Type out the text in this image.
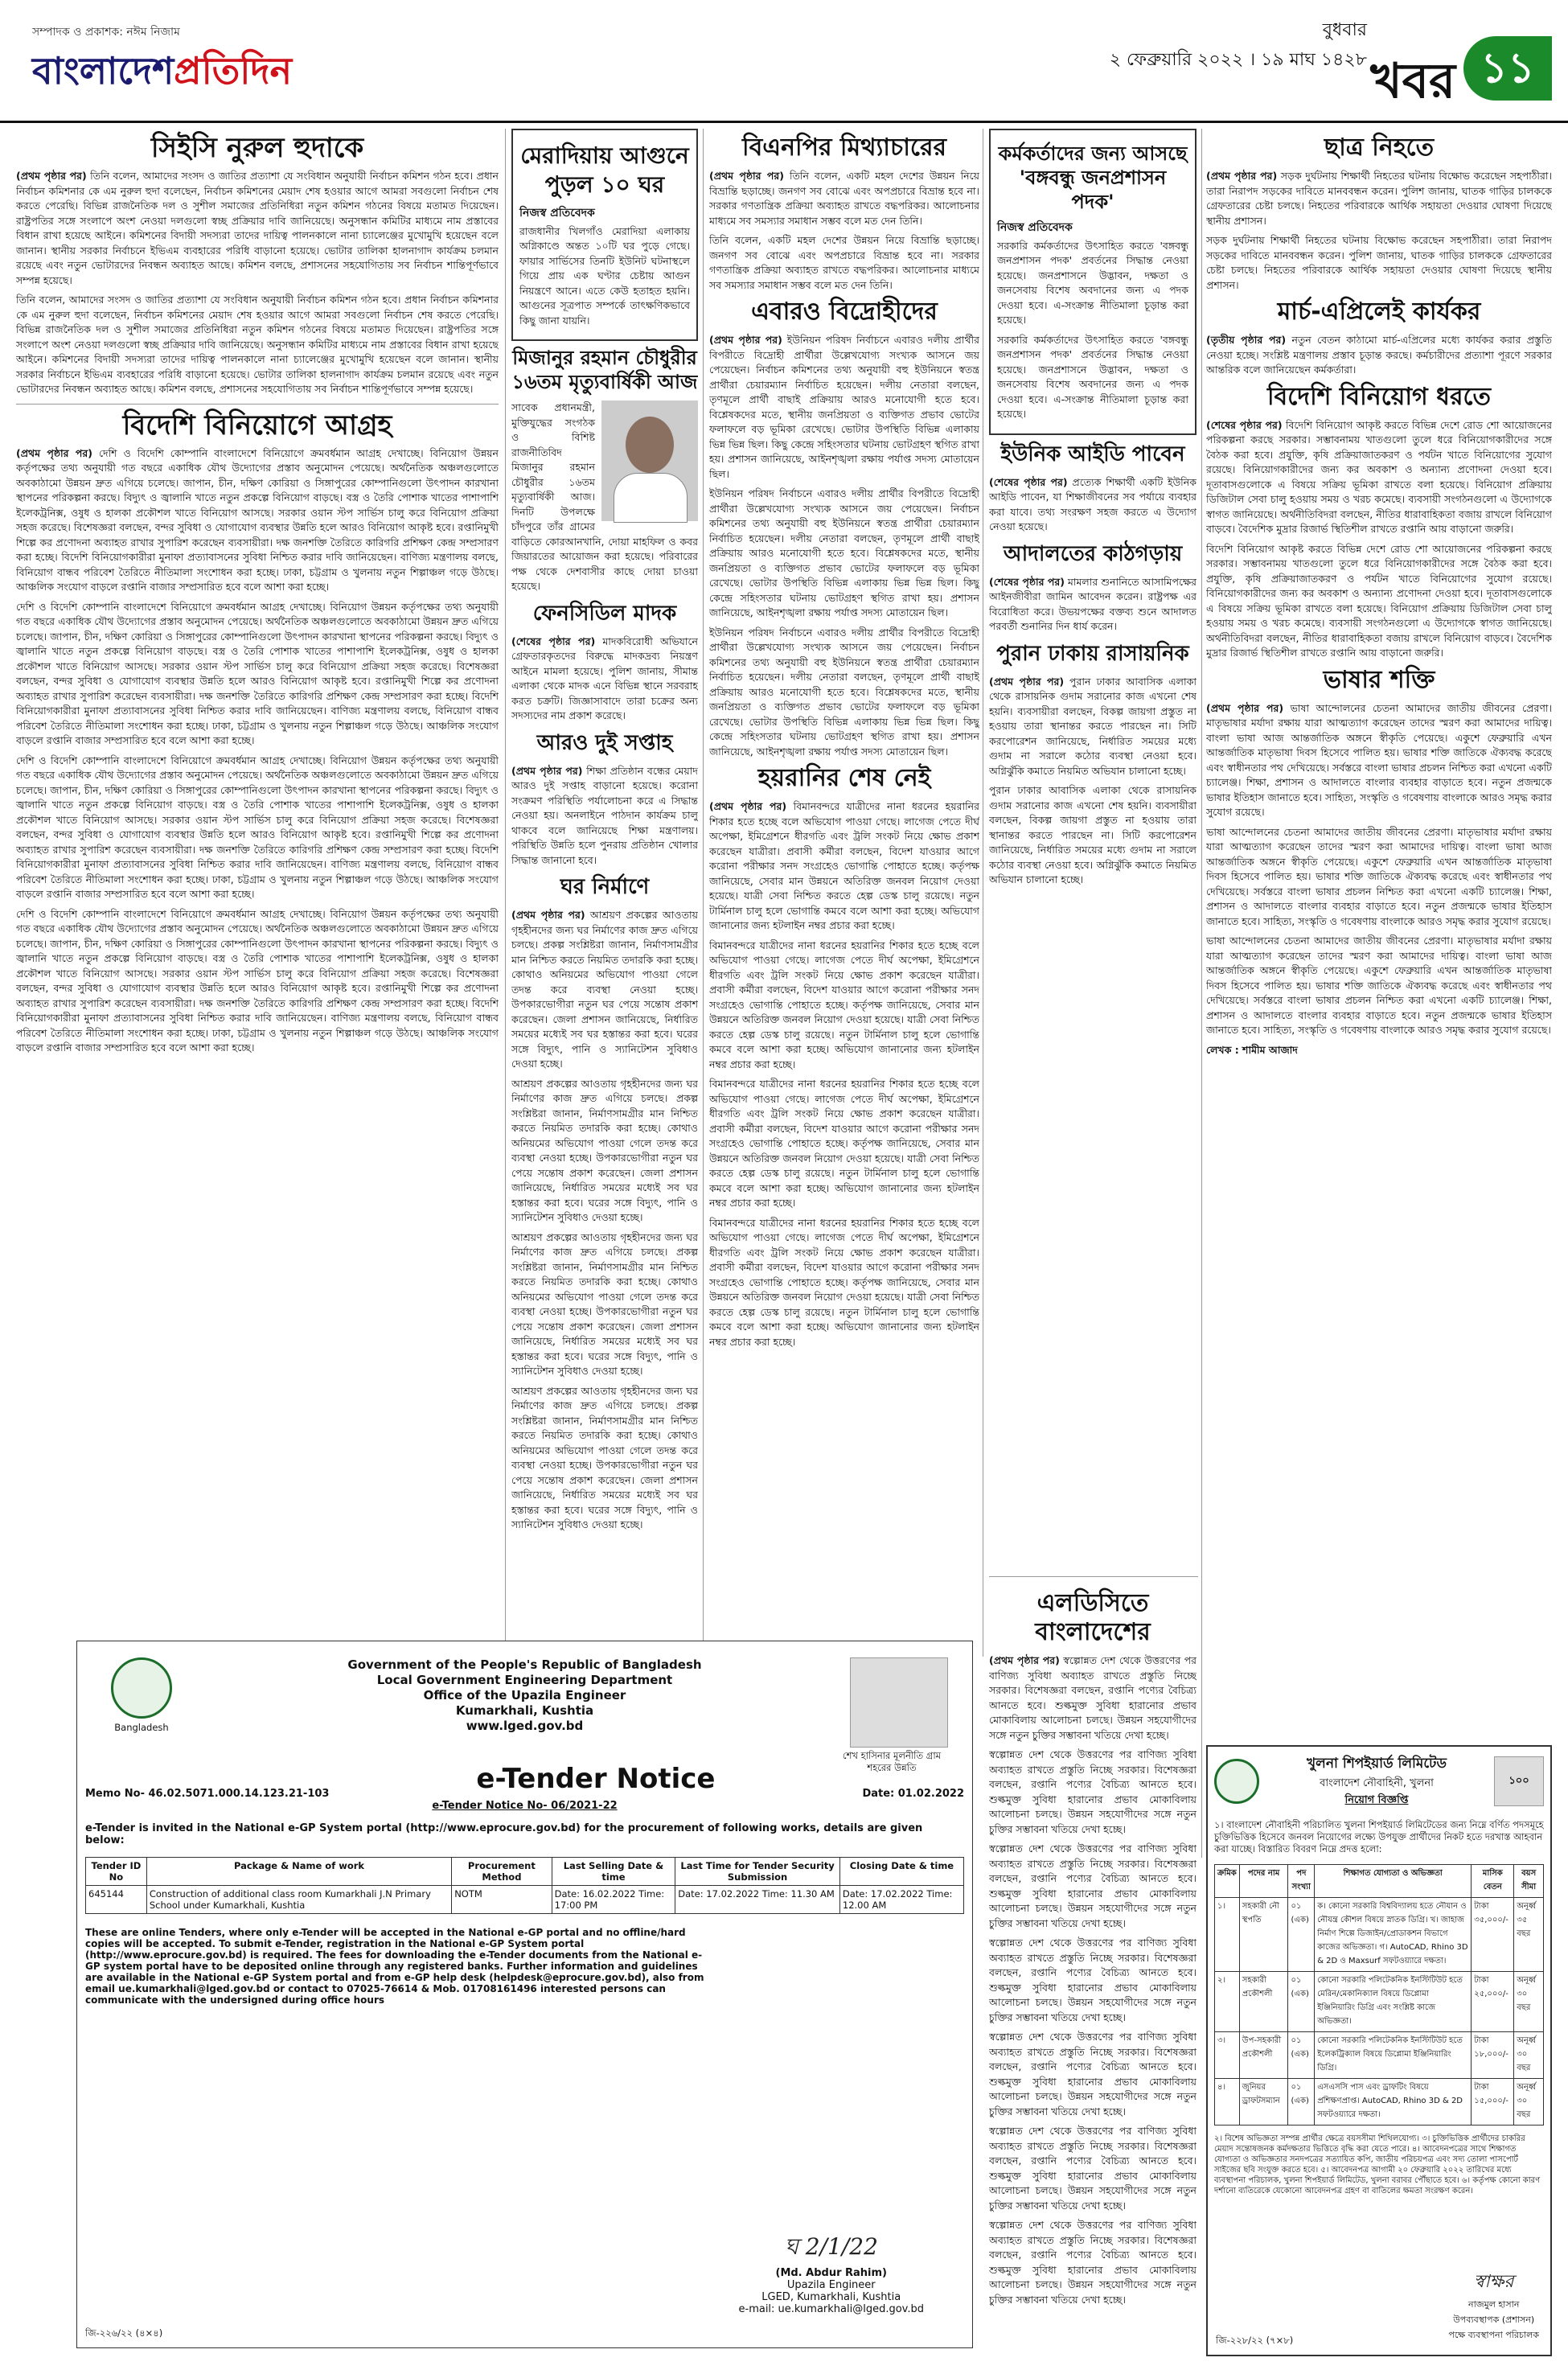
সম্পাদক ও প্রকাশক: নঈম নিজাম
বাংলাদেশপ্রতিদিন
বুধবার
২ ফেব্রুয়ারি ২০২২ । ১৯ মাঘ ১৪২৮ খবর ১১
সিইসি নুরুল হুদাকে

(প্রথম পৃষ্ঠার পর) তিনি বলেন, আমাদের সংসদ ও জাতির প্রত্যাশা যে সংবিধান অনুযায়ী নির্বাচন কমিশন গঠন হবে। প্রধান নির্বাচন কমিশনার কে এম নুরুল হুদা বলেছেন, নির্বাচন কমিশনের মেয়াদ শেষ হওয়ার আগে আমরা সবগুলো নির্বাচন শেষ করতে পেরেছি। বিভিন্ন রাজনৈতিক দল ও সুশীল সমাজের প্রতিনিধিরা নতুন কমিশন গঠনের বিষয়ে মতামত দিয়েছেন। রাষ্ট্রপতির সঙ্গে সংলাপে অংশ নেওয়া দলগুলো স্বচ্ছ প্রক্রিয়ার দাবি জানিয়েছে। অনুসন্ধান কমিটির মাধ্যমে নাম প্রস্তাবের বিধান রাখা হয়েছে আইনে। কমিশনের বিদায়ী সদস্যরা তাদের দায়িত্ব পালনকালে নানা চ্যালেঞ্জের মুখোমুখি হয়েছেন বলে জানান। স্থানীয় সরকার নির্বাচনে ইভিএম ব্যবহারের পরিধি বাড়ানো হয়েছে। ভোটার তালিকা হালনাগাদ কার্যক্রম চলমান রয়েছে এবং নতুন ভোটারদের নিবন্ধন অব্যাহত আছে। কমিশন বলছে, প্রশাসনের সহযোগিতায় সব নির্বাচন শান্তিপূর্ণভাবে সম্পন্ন হয়েছে।

তিনি বলেন, আমাদের সংসদ ও জাতির প্রত্যাশা যে সংবিধান অনুযায়ী নির্বাচন কমিশন গঠন হবে। প্রধান নির্বাচন কমিশনার কে এম নুরুল হুদা বলেছেন, নির্বাচন কমিশনের মেয়াদ শেষ হওয়ার আগে আমরা সবগুলো নির্বাচন শেষ করতে পেরেছি। বিভিন্ন রাজনৈতিক দল ও সুশীল সমাজের প্রতিনিধিরা নতুন কমিশন গঠনের বিষয়ে মতামত দিয়েছেন। রাষ্ট্রপতির সঙ্গে সংলাপে অংশ নেওয়া দলগুলো স্বচ্ছ প্রক্রিয়ার দাবি জানিয়েছে। অনুসন্ধান কমিটির মাধ্যমে নাম প্রস্তাবের বিধান রাখা হয়েছে আইনে। কমিশনের বিদায়ী সদস্যরা তাদের দায়িত্ব পালনকালে নানা চ্যালেঞ্জের মুখোমুখি হয়েছেন বলে জানান। স্থানীয় সরকার নির্বাচনে ইভিএম ব্যবহারের পরিধি বাড়ানো হয়েছে। ভোটার তালিকা হালনাগাদ কার্যক্রম চলমান রয়েছে এবং নতুন ভোটারদের নিবন্ধন অব্যাহত আছে। কমিশন বলছে, প্রশাসনের সহযোগিতায় সব নির্বাচন শান্তিপূর্ণভাবে সম্পন্ন হয়েছে।

বিদেশি বিনিয়োগে আগ্রহ

(প্রথম পৃষ্ঠার পর) দেশি ও বিদেশি কোম্পানি বাংলাদেশে বিনিয়োগে ক্রমবর্ধমান আগ্রহ দেখাচ্ছে। বিনিয়োগ উন্নয়ন কর্তৃপক্ষের তথ্য অনুযায়ী গত বছরে একাধিক যৌথ উদ্যোগের প্রস্তাব অনুমোদন পেয়েছে। অর্থনৈতিক অঞ্চলগুলোতে অবকাঠামো উন্নয়ন দ্রুত এগিয়ে চলেছে। জাপান, চীন, দক্ষিণ কোরিয়া ও সিঙ্গাপুরের কোম্পানিগুলো উৎপাদন কারখানা স্থাপনের পরিকল্পনা করছে। বিদ্যুৎ ও জ্বালানি খাতে নতুন প্রকল্পে বিনিয়োগ বাড়ছে। বস্ত্র ও তৈরি পোশাক খাতের পাশাপাশি ইলেকট্রনিক্স, ওষুধ ও হালকা প্রকৌশল খাতে বিনিয়োগ আসছে। সরকার ওয়ান স্টপ সার্ভিস চালু করে বিনিয়োগ প্রক্রিয়া সহজ করেছে। বিশেষজ্ঞরা বলছেন, বন্দর সুবিধা ও যোগাযোগ ব্যবস্থার উন্নতি হলে আরও বিনিয়োগ আকৃষ্ট হবে। রপ্তানিমুখী শিল্পে কর প্রণোদনা অব্যাহত রাখার সুপারিশ করেছেন ব্যবসায়ীরা। দক্ষ জনশক্তি তৈরিতে কারিগরি প্রশিক্ষণ কেন্দ্র সম্প্রসারণ করা হচ্ছে। বিদেশি বিনিয়োগকারীরা মুনাফা প্রত্যাবাসনের সুবিধা নিশ্চিত করার দাবি জানিয়েছেন। বাণিজ্য মন্ত্রণালয় বলছে, বিনিয়োগ বান্ধব পরিবেশ তৈরিতে নীতিমালা সংশোধন করা হচ্ছে। ঢাকা, চট্টগ্রাম ও খুলনায় নতুন শিল্পাঞ্চল গড়ে উঠছে। আঞ্চলিক সংযোগ বাড়লে রপ্তানি বাজার সম্প্রসারিত হবে বলে আশা করা হচ্ছে।

দেশি ও বিদেশি কোম্পানি বাংলাদেশে বিনিয়োগে ক্রমবর্ধমান আগ্রহ দেখাচ্ছে। বিনিয়োগ উন্নয়ন কর্তৃপক্ষের তথ্য অনুযায়ী গত বছরে একাধিক যৌথ উদ্যোগের প্রস্তাব অনুমোদন পেয়েছে। অর্থনৈতিক অঞ্চলগুলোতে অবকাঠামো উন্নয়ন দ্রুত এগিয়ে চলেছে। জাপান, চীন, দক্ষিণ কোরিয়া ও সিঙ্গাপুরের কোম্পানিগুলো উৎপাদন কারখানা স্থাপনের পরিকল্পনা করছে। বিদ্যুৎ ও জ্বালানি খাতে নতুন প্রকল্পে বিনিয়োগ বাড়ছে। বস্ত্র ও তৈরি পোশাক খাতের পাশাপাশি ইলেকট্রনিক্স, ওষুধ ও হালকা প্রকৌশল খাতে বিনিয়োগ আসছে। সরকার ওয়ান স্টপ সার্ভিস চালু করে বিনিয়োগ প্রক্রিয়া সহজ করেছে। বিশেষজ্ঞরা বলছেন, বন্দর সুবিধা ও যোগাযোগ ব্যবস্থার উন্নতি হলে আরও বিনিয়োগ আকৃষ্ট হবে। রপ্তানিমুখী শিল্পে কর প্রণোদনা অব্যাহত রাখার সুপারিশ করেছেন ব্যবসায়ীরা। দক্ষ জনশক্তি তৈরিতে কারিগরি প্রশিক্ষণ কেন্দ্র সম্প্রসারণ করা হচ্ছে। বিদেশি বিনিয়োগকারীরা মুনাফা প্রত্যাবাসনের সুবিধা নিশ্চিত করার দাবি জানিয়েছেন। বাণিজ্য মন্ত্রণালয় বলছে, বিনিয়োগ বান্ধব পরিবেশ তৈরিতে নীতিমালা সংশোধন করা হচ্ছে। ঢাকা, চট্টগ্রাম ও খুলনায় নতুন শিল্পাঞ্চল গড়ে উঠছে। আঞ্চলিক সংযোগ বাড়লে রপ্তানি বাজার সম্প্রসারিত হবে বলে আশা করা হচ্ছে।

দেশি ও বিদেশি কোম্পানি বাংলাদেশে বিনিয়োগে ক্রমবর্ধমান আগ্রহ দেখাচ্ছে। বিনিয়োগ উন্নয়ন কর্তৃপক্ষের তথ্য অনুযায়ী গত বছরে একাধিক যৌথ উদ্যোগের প্রস্তাব অনুমোদন পেয়েছে। অর্থনৈতিক অঞ্চলগুলোতে অবকাঠামো উন্নয়ন দ্রুত এগিয়ে চলেছে। জাপান, চীন, দক্ষিণ কোরিয়া ও সিঙ্গাপুরের কোম্পানিগুলো উৎপাদন কারখানা স্থাপনের পরিকল্পনা করছে। বিদ্যুৎ ও জ্বালানি খাতে নতুন প্রকল্পে বিনিয়োগ বাড়ছে। বস্ত্র ও তৈরি পোশাক খাতের পাশাপাশি ইলেকট্রনিক্স, ওষুধ ও হালকা প্রকৌশল খাতে বিনিয়োগ আসছে। সরকার ওয়ান স্টপ সার্ভিস চালু করে বিনিয়োগ প্রক্রিয়া সহজ করেছে। বিশেষজ্ঞরা বলছেন, বন্দর সুবিধা ও যোগাযোগ ব্যবস্থার উন্নতি হলে আরও বিনিয়োগ আকৃষ্ট হবে। রপ্তানিমুখী শিল্পে কর প্রণোদনা অব্যাহত রাখার সুপারিশ করেছেন ব্যবসায়ীরা। দক্ষ জনশক্তি তৈরিতে কারিগরি প্রশিক্ষণ কেন্দ্র সম্প্রসারণ করা হচ্ছে। বিদেশি বিনিয়োগকারীরা মুনাফা প্রত্যাবাসনের সুবিধা নিশ্চিত করার দাবি জানিয়েছেন। বাণিজ্য মন্ত্রণালয় বলছে, বিনিয়োগ বান্ধব পরিবেশ তৈরিতে নীতিমালা সংশোধন করা হচ্ছে। ঢাকা, চট্টগ্রাম ও খুলনায় নতুন শিল্পাঞ্চল গড়ে উঠছে। আঞ্চলিক সংযোগ বাড়লে রপ্তানি বাজার সম্প্রসারিত হবে বলে আশা করা হচ্ছে।

দেশি ও বিদেশি কোম্পানি বাংলাদেশে বিনিয়োগে ক্রমবর্ধমান আগ্রহ দেখাচ্ছে। বিনিয়োগ উন্নয়ন কর্তৃপক্ষের তথ্য অনুযায়ী গত বছরে একাধিক যৌথ উদ্যোগের প্রস্তাব অনুমোদন পেয়েছে। অর্থনৈতিক অঞ্চলগুলোতে অবকাঠামো উন্নয়ন দ্রুত এগিয়ে চলেছে। জাপান, চীন, দক্ষিণ কোরিয়া ও সিঙ্গাপুরের কোম্পানিগুলো উৎপাদন কারখানা স্থাপনের পরিকল্পনা করছে। বিদ্যুৎ ও জ্বালানি খাতে নতুন প্রকল্পে বিনিয়োগ বাড়ছে। বস্ত্র ও তৈরি পোশাক খাতের পাশাপাশি ইলেকট্রনিক্স, ওষুধ ও হালকা প্রকৌশল খাতে বিনিয়োগ আসছে। সরকার ওয়ান স্টপ সার্ভিস চালু করে বিনিয়োগ প্রক্রিয়া সহজ করেছে। বিশেষজ্ঞরা বলছেন, বন্দর সুবিধা ও যোগাযোগ ব্যবস্থার উন্নতি হলে আরও বিনিয়োগ আকৃষ্ট হবে। রপ্তানিমুখী শিল্পে কর প্রণোদনা অব্যাহত রাখার সুপারিশ করেছেন ব্যবসায়ীরা। দক্ষ জনশক্তি তৈরিতে কারিগরি প্রশিক্ষণ কেন্দ্র সম্প্রসারণ করা হচ্ছে। বিদেশি বিনিয়োগকারীরা মুনাফা প্রত্যাবাসনের সুবিধা নিশ্চিত করার দাবি জানিয়েছেন। বাণিজ্য মন্ত্রণালয় বলছে, বিনিয়োগ বান্ধব পরিবেশ তৈরিতে নীতিমালা সংশোধন করা হচ্ছে। ঢাকা, চট্টগ্রাম ও খুলনায় নতুন শিল্পাঞ্চল গড়ে উঠছে। আঞ্চলিক সংযোগ বাড়লে রপ্তানি বাজার সম্প্রসারিত হবে বলে আশা করা হচ্ছে।

মেরাদিয়ায় আগুনে পুড়ল ১০ ঘর
নিজস্ব প্রতিবেদক

রাজধানীর খিলগাঁও মেরাদিয়া এলাকায় অগ্নিকাণ্ডে অন্তত ১০টি ঘর পুড়ে গেছে। ফায়ার সার্ভিসের তিনটি ইউনিট ঘটনাস্থলে গিয়ে প্রায় এক ঘণ্টার চেষ্টায় আগুন নিয়ন্ত্রণে আনে। এতে কেউ হতাহত হয়নি। আগুনের সূত্রপাত সম্পর্কে তাৎক্ষণিকভাবে কিছু জানা যায়নি।

মিজানুর রহমান চৌধুরীর ১৬তম মৃত্যুবার্ষিকী আজ

সাবেক প্রধানমন্ত্রী, মুক্তিযুদ্ধের সংগঠক ও বিশিষ্ট রাজনীতিবিদ মিজানুর রহমান চৌধুরীর ১৬তম মৃত্যুবার্ষিকী আজ। দিনটি উপলক্ষে চাঁদপুরে তাঁর গ্রামের বাড়িতে কোরআনখানি, দোয়া মাহফিল ও কবর জিয়ারতের আয়োজন করা হয়েছে। পরিবারের পক্ষ থেকে দেশবাসীর কাছে দোয়া চাওয়া হয়েছে।

ফেনসিডিল মাদক

(শেষের পৃষ্ঠার পর) মাদকবিরোধী অভিযানে গ্রেফতারকৃতদের বিরুদ্ধে মাদকদ্রব্য নিয়ন্ত্রণ আইনে মামলা হয়েছে। পুলিশ জানায়, সীমান্ত এলাকা থেকে মাদক এনে বিভিন্ন স্থানে সরবরাহ করত চক্রটি। জিজ্ঞাসাবাদে তারা চক্রের অন্য সদস্যদের নাম প্রকাশ করেছে।

আরও দুই সপ্তাহ

(প্রথম পৃষ্ঠার পর) শিক্ষা প্রতিষ্ঠান বন্ধের মেয়াদ আরও দুই সপ্তাহ বাড়ানো হয়েছে। করোনা সংক্রমণ পরিস্থিতি পর্যালোচনা করে এ সিদ্ধান্ত নেওয়া হয়। অনলাইনে পাঠদান কার্যক্রম চালু থাকবে বলে জানিয়েছে শিক্ষা মন্ত্রণালয়। পরিস্থিতি উন্নতি হলে পুনরায় প্রতিষ্ঠান খোলার সিদ্ধান্ত জানানো হবে।

ঘর নির্মাণে

(প্রথম পৃষ্ঠার পর) আশ্রয়ণ প্রকল্পের আওতায় গৃহহীনদের জন্য ঘর নির্মাণের কাজ দ্রুত এগিয়ে চলছে। প্রকল্প সংশ্লিষ্টরা জানান, নির্মাণসামগ্রীর মান নিশ্চিত করতে নিয়মিত তদারকি করা হচ্ছে। কোথাও অনিয়মের অভিযোগ পাওয়া গেলে তদন্ত করে ব্যবস্থা নেওয়া হচ্ছে। উপকারভোগীরা নতুন ঘর পেয়ে সন্তোষ প্রকাশ করেছেন। জেলা প্রশাসন জানিয়েছে, নির্ধারিত সময়ের মধ্যেই সব ঘর হস্তান্তর করা হবে। ঘরের সঙ্গে বিদ্যুৎ, পানি ও স্যানিটেশন সুবিধাও দেওয়া হচ্ছে।

আশ্রয়ণ প্রকল্পের আওতায় গৃহহীনদের জন্য ঘর নির্মাণের কাজ দ্রুত এগিয়ে চলছে। প্রকল্প সংশ্লিষ্টরা জানান, নির্মাণসামগ্রীর মান নিশ্চিত করতে নিয়মিত তদারকি করা হচ্ছে। কোথাও অনিয়মের অভিযোগ পাওয়া গেলে তদন্ত করে ব্যবস্থা নেওয়া হচ্ছে। উপকারভোগীরা নতুন ঘর পেয়ে সন্তোষ প্রকাশ করেছেন। জেলা প্রশাসন জানিয়েছে, নির্ধারিত সময়ের মধ্যেই সব ঘর হস্তান্তর করা হবে। ঘরের সঙ্গে বিদ্যুৎ, পানি ও স্যানিটেশন সুবিধাও দেওয়া হচ্ছে।

আশ্রয়ণ প্রকল্পের আওতায় গৃহহীনদের জন্য ঘর নির্মাণের কাজ দ্রুত এগিয়ে চলছে। প্রকল্প সংশ্লিষ্টরা জানান, নির্মাণসামগ্রীর মান নিশ্চিত করতে নিয়মিত তদারকি করা হচ্ছে। কোথাও অনিয়মের অভিযোগ পাওয়া গেলে তদন্ত করে ব্যবস্থা নেওয়া হচ্ছে। উপকারভোগীরা নতুন ঘর পেয়ে সন্তোষ প্রকাশ করেছেন। জেলা প্রশাসন জানিয়েছে, নির্ধারিত সময়ের মধ্যেই সব ঘর হস্তান্তর করা হবে। ঘরের সঙ্গে বিদ্যুৎ, পানি ও স্যানিটেশন সুবিধাও দেওয়া হচ্ছে।

আশ্রয়ণ প্রকল্পের আওতায় গৃহহীনদের জন্য ঘর নির্মাণের কাজ দ্রুত এগিয়ে চলছে। প্রকল্প সংশ্লিষ্টরা জানান, নির্মাণসামগ্রীর মান নিশ্চিত করতে নিয়মিত তদারকি করা হচ্ছে। কোথাও অনিয়মের অভিযোগ পাওয়া গেলে তদন্ত করে ব্যবস্থা নেওয়া হচ্ছে। উপকারভোগীরা নতুন ঘর পেয়ে সন্তোষ প্রকাশ করেছেন। জেলা প্রশাসন জানিয়েছে, নির্ধারিত সময়ের মধ্যেই সব ঘর হস্তান্তর করা হবে। ঘরের সঙ্গে বিদ্যুৎ, পানি ও স্যানিটেশন সুবিধাও দেওয়া হচ্ছে।

বিএনপির মিথ্যাচারের

(প্রথম পৃষ্ঠার পর) তিনি বলেন, একটি মহল দেশের উন্নয়ন নিয়ে বিভ্রান্তি ছড়াচ্ছে। জনগণ সব বোঝে এবং অপপ্রচারে বিভ্রান্ত হবে না। সরকার গণতান্ত্রিক প্রক্রিয়া অব্যাহত রাখতে বদ্ধপরিকর। আলোচনার মাধ্যমে সব সমস্যার সমাধান সম্ভব বলে মত দেন তিনি।

তিনি বলেন, একটি মহল দেশের উন্নয়ন নিয়ে বিভ্রান্তি ছড়াচ্ছে। জনগণ সব বোঝে এবং অপপ্রচারে বিভ্রান্ত হবে না। সরকার গণতান্ত্রিক প্রক্রিয়া অব্যাহত রাখতে বদ্ধপরিকর। আলোচনার মাধ্যমে সব সমস্যার সমাধান সম্ভব বলে মত দেন তিনি।

এবারও বিদ্রোহীদের

(প্রথম পৃষ্ঠার পর) ইউনিয়ন পরিষদ নির্বাচনে এবারও দলীয় প্রার্থীর বিপরীতে বিদ্রোহী প্রার্থীরা উল্লেখযোগ্য সংখ্যক আসনে জয় পেয়েছেন। নির্বাচন কমিশনের তথ্য অনুযায়ী বহু ইউনিয়নে স্বতন্ত্র প্রার্থীরা চেয়ারম্যান নির্বাচিত হয়েছেন। দলীয় নেতারা বলছেন, তৃণমূলে প্রার্থী বাছাই প্রক্রিয়ায় আরও মনোযোগী হতে হবে। বিশ্লেষকদের মতে, স্থানীয় জনপ্রিয়তা ও ব্যক্তিগত প্রভাব ভোটের ফলাফলে বড় ভূমিকা রেখেছে। ভোটার উপস্থিতি বিভিন্ন এলাকায় ভিন্ন ভিন্ন ছিল। কিছু কেন্দ্রে সহিংসতার ঘটনায় ভোটগ্রহণ স্থগিত রাখা হয়। প্রশাসন জানিয়েছে, আইনশৃঙ্খলা রক্ষায় পর্যাপ্ত সদস্য মোতায়েন ছিল।

ইউনিয়ন পরিষদ নির্বাচনে এবারও দলীয় প্রার্থীর বিপরীতে বিদ্রোহী প্রার্থীরা উল্লেখযোগ্য সংখ্যক আসনে জয় পেয়েছেন। নির্বাচন কমিশনের তথ্য অনুযায়ী বহু ইউনিয়নে স্বতন্ত্র প্রার্থীরা চেয়ারম্যান নির্বাচিত হয়েছেন। দলীয় নেতারা বলছেন, তৃণমূলে প্রার্থী বাছাই প্রক্রিয়ায় আরও মনোযোগী হতে হবে। বিশ্লেষকদের মতে, স্থানীয় জনপ্রিয়তা ও ব্যক্তিগত প্রভাব ভোটের ফলাফলে বড় ভূমিকা রেখেছে। ভোটার উপস্থিতি বিভিন্ন এলাকায় ভিন্ন ভিন্ন ছিল। কিছু কেন্দ্রে সহিংসতার ঘটনায় ভোটগ্রহণ স্থগিত রাখা হয়। প্রশাসন জানিয়েছে, আইনশৃঙ্খলা রক্ষায় পর্যাপ্ত সদস্য মোতায়েন ছিল।

ইউনিয়ন পরিষদ নির্বাচনে এবারও দলীয় প্রার্থীর বিপরীতে বিদ্রোহী প্রার্থীরা উল্লেখযোগ্য সংখ্যক আসনে জয় পেয়েছেন। নির্বাচন কমিশনের তথ্য অনুযায়ী বহু ইউনিয়নে স্বতন্ত্র প্রার্থীরা চেয়ারম্যান নির্বাচিত হয়েছেন। দলীয় নেতারা বলছেন, তৃণমূলে প্রার্থী বাছাই প্রক্রিয়ায় আরও মনোযোগী হতে হবে। বিশ্লেষকদের মতে, স্থানীয় জনপ্রিয়তা ও ব্যক্তিগত প্রভাব ভোটের ফলাফলে বড় ভূমিকা রেখেছে। ভোটার উপস্থিতি বিভিন্ন এলাকায় ভিন্ন ভিন্ন ছিল। কিছু কেন্দ্রে সহিংসতার ঘটনায় ভোটগ্রহণ স্থগিত রাখা হয়। প্রশাসন জানিয়েছে, আইনশৃঙ্খলা রক্ষায় পর্যাপ্ত সদস্য মোতায়েন ছিল।

হয়রানির শেষ নেই

(প্রথম পৃষ্ঠার পর) বিমানবন্দরে যাত্রীদের নানা ধরনের হয়রানির শিকার হতে হচ্ছে বলে অভিযোগ পাওয়া গেছে। লাগেজ পেতে দীর্ঘ অপেক্ষা, ইমিগ্রেশনে ধীরগতি এবং ট্রলি সংকট নিয়ে ক্ষোভ প্রকাশ করেছেন যাত্রীরা। প্রবাসী কর্মীরা বলছেন, বিদেশ যাওয়ার আগে করোনা পরীক্ষার সনদ সংগ্রহেও ভোগান্তি পোহাতে হচ্ছে। কর্তৃপক্ষ জানিয়েছে, সেবার মান উন্নয়নে অতিরিক্ত জনবল নিয়োগ দেওয়া হয়েছে। যাত্রী সেবা নিশ্চিত করতে হেল্প ডেস্ক চালু রয়েছে। নতুন টার্মিনাল চালু হলে ভোগান্তি কমবে বলে আশা করা হচ্ছে। অভিযোগ জানানোর জন্য হটলাইন নম্বর প্রচার করা হচ্ছে।

বিমানবন্দরে যাত্রীদের নানা ধরনের হয়রানির শিকার হতে হচ্ছে বলে অভিযোগ পাওয়া গেছে। লাগেজ পেতে দীর্ঘ অপেক্ষা, ইমিগ্রেশনে ধীরগতি এবং ট্রলি সংকট নিয়ে ক্ষোভ প্রকাশ করেছেন যাত্রীরা। প্রবাসী কর্মীরা বলছেন, বিদেশ যাওয়ার আগে করোনা পরীক্ষার সনদ সংগ্রহেও ভোগান্তি পোহাতে হচ্ছে। কর্তৃপক্ষ জানিয়েছে, সেবার মান উন্নয়নে অতিরিক্ত জনবল নিয়োগ দেওয়া হয়েছে। যাত্রী সেবা নিশ্চিত করতে হেল্প ডেস্ক চালু রয়েছে। নতুন টার্মিনাল চালু হলে ভোগান্তি কমবে বলে আশা করা হচ্ছে। অভিযোগ জানানোর জন্য হটলাইন নম্বর প্রচার করা হচ্ছে।

বিমানবন্দরে যাত্রীদের নানা ধরনের হয়রানির শিকার হতে হচ্ছে বলে অভিযোগ পাওয়া গেছে। লাগেজ পেতে দীর্ঘ অপেক্ষা, ইমিগ্রেশনে ধীরগতি এবং ট্রলি সংকট নিয়ে ক্ষোভ প্রকাশ করেছেন যাত্রীরা। প্রবাসী কর্মীরা বলছেন, বিদেশ যাওয়ার আগে করোনা পরীক্ষার সনদ সংগ্রহেও ভোগান্তি পোহাতে হচ্ছে। কর্তৃপক্ষ জানিয়েছে, সেবার মান উন্নয়নে অতিরিক্ত জনবল নিয়োগ দেওয়া হয়েছে। যাত্রী সেবা নিশ্চিত করতে হেল্প ডেস্ক চালু রয়েছে। নতুন টার্মিনাল চালু হলে ভোগান্তি কমবে বলে আশা করা হচ্ছে। অভিযোগ জানানোর জন্য হটলাইন নম্বর প্রচার করা হচ্ছে।

বিমানবন্দরে যাত্রীদের নানা ধরনের হয়রানির শিকার হতে হচ্ছে বলে অভিযোগ পাওয়া গেছে। লাগেজ পেতে দীর্ঘ অপেক্ষা, ইমিগ্রেশনে ধীরগতি এবং ট্রলি সংকট নিয়ে ক্ষোভ প্রকাশ করেছেন যাত্রীরা। প্রবাসী কর্মীরা বলছেন, বিদেশ যাওয়ার আগে করোনা পরীক্ষার সনদ সংগ্রহেও ভোগান্তি পোহাতে হচ্ছে। কর্তৃপক্ষ জানিয়েছে, সেবার মান উন্নয়নে অতিরিক্ত জনবল নিয়োগ দেওয়া হয়েছে। যাত্রী সেবা নিশ্চিত করতে হেল্প ডেস্ক চালু রয়েছে। নতুন টার্মিনাল চালু হলে ভোগান্তি কমবে বলে আশা করা হচ্ছে। অভিযোগ জানানোর জন্য হটলাইন নম্বর প্রচার করা হচ্ছে।

কর্মকর্তাদের জন্য আসছে 'বঙ্গবন্ধু জনপ্রশাসন পদক'
নিজস্ব প্রতিবেদক

সরকারি কর্মকর্তাদের উৎসাহিত করতে 'বঙ্গবন্ধু জনপ্রশাসন পদক' প্রবর্তনের সিদ্ধান্ত নেওয়া হয়েছে। জনপ্রশাসনে উদ্ভাবন, দক্ষতা ও জনসেবায় বিশেষ অবদানের জন্য এ পদক দেওয়া হবে। এ-সংক্রান্ত নীতিমালা চূড়ান্ত করা হয়েছে।

সরকারি কর্মকর্তাদের উৎসাহিত করতে 'বঙ্গবন্ধু জনপ্রশাসন পদক' প্রবর্তনের সিদ্ধান্ত নেওয়া হয়েছে। জনপ্রশাসনে উদ্ভাবন, দক্ষতা ও জনসেবায় বিশেষ অবদানের জন্য এ পদক দেওয়া হবে। এ-সংক্রান্ত নীতিমালা চূড়ান্ত করা হয়েছে।

ইউনিক আইডি পাবেন

(শেষের পৃষ্ঠার পর) প্রত্যেক শিক্ষার্থী একটি ইউনিক আইডি পাবেন, যা শিক্ষাজীবনের সব পর্যায়ে ব্যবহার করা যাবে। তথ্য সংরক্ষণ সহজ করতে এ উদ্যোগ নেওয়া হয়েছে।

আদালতের কাঠগড়ায়

(শেষের পৃষ্ঠার পর) মামলার শুনানিতে আসামিপক্ষের আইনজীবীরা জামিন আবেদন করেন। রাষ্ট্রপক্ষ এর বিরোধিতা করে। উভয়পক্ষের বক্তব্য শুনে আদালত পরবর্তী শুনানির দিন ধার্য করেন।

পুরান ঢাকায় রাসায়নিক

(প্রথম পৃষ্ঠার পর) পুরান ঢাকার আবাসিক এলাকা থেকে রাসায়নিক গুদাম সরানোর কাজ এখনো শেষ হয়নি। ব্যবসায়ীরা বলছেন, বিকল্প জায়গা প্রস্তুত না হওয়ায় তারা স্থানান্তর করতে পারছেন না। সিটি করপোরেশন জানিয়েছে, নির্ধারিত সময়ের মধ্যে গুদাম না সরালে কঠোর ব্যবস্থা নেওয়া হবে। অগ্নিঝুঁকি কমাতে নিয়মিত অভিযান চালানো হচ্ছে।

পুরান ঢাকার আবাসিক এলাকা থেকে রাসায়নিক গুদাম সরানোর কাজ এখনো শেষ হয়নি। ব্যবসায়ীরা বলছেন, বিকল্প জায়গা প্রস্তুত না হওয়ায় তারা স্থানান্তর করতে পারছেন না। সিটি করপোরেশন জানিয়েছে, নির্ধারিত সময়ের মধ্যে গুদাম না সরালে কঠোর ব্যবস্থা নেওয়া হবে। অগ্নিঝুঁকি কমাতে নিয়মিত অভিযান চালানো হচ্ছে।

ছাত্র নিহতে

(প্রথম পৃষ্ঠার পর) সড়ক দুর্ঘটনায় শিক্ষার্থী নিহতের ঘটনায় বিক্ষোভ করেছেন সহপাঠীরা। তারা নিরাপদ সড়কের দাবিতে মানববন্ধন করেন। পুলিশ জানায়, ঘাতক গাড়ির চালককে গ্রেফতারের চেষ্টা চলছে। নিহতের পরিবারকে আর্থিক সহায়তা দেওয়ার ঘোষণা দিয়েছে স্থানীয় প্রশাসন।

সড়ক দুর্ঘটনায় শিক্ষার্থী নিহতের ঘটনায় বিক্ষোভ করেছেন সহপাঠীরা। তারা নিরাপদ সড়কের দাবিতে মানববন্ধন করেন। পুলিশ জানায়, ঘাতক গাড়ির চালককে গ্রেফতারের চেষ্টা চলছে। নিহতের পরিবারকে আর্থিক সহায়তা দেওয়ার ঘোষণা দিয়েছে স্থানীয় প্রশাসন।

মার্চ-এপ্রিলেই কার্যকর

(তৃতীয় পৃষ্ঠার পর) নতুন বেতন কাঠামো মার্চ-এপ্রিলের মধ্যে কার্যকর করার প্রস্তুতি নেওয়া হচ্ছে। সংশ্লিষ্ট মন্ত্রণালয় প্রস্তাব চূড়ান্ত করছে। কর্মচারীদের প্রত্যাশা পূরণে সরকার আন্তরিক বলে জানিয়েছেন কর্মকর্তারা।

বিদেশি বিনিয়োগ ধরতে

(শেষের পৃষ্ঠার পর) বিদেশি বিনিয়োগ আকৃষ্ট করতে বিভিন্ন দেশে রোড শো আয়োজনের পরিকল্পনা করছে সরকার। সম্ভাবনাময় খাতগুলো তুলে ধরে বিনিয়োগকারীদের সঙ্গে বৈঠক করা হবে। প্রযুক্তি, কৃষি প্রক্রিয়াজাতকরণ ও পর্যটন খাতে বিনিয়োগের সুযোগ রয়েছে। বিনিয়োগকারীদের জন্য কর অবকাশ ও অন্যান্য প্রণোদনা দেওয়া হবে। দূতাবাসগুলোকে এ বিষয়ে সক্রিয় ভূমিকা রাখতে বলা হয়েছে। বিনিয়োগ প্রক্রিয়ায় ডিজিটাল সেবা চালু হওয়ায় সময় ও খরচ কমেছে। ব্যবসায়ী সংগঠনগুলো এ উদ্যোগকে স্বাগত জানিয়েছে। অর্থনীতিবিদরা বলছেন, নীতির ধারাবাহিকতা বজায় রাখলে বিনিয়োগ বাড়বে। বৈদেশিক মুদ্রার রিজার্ভ স্থিতিশীল রাখতে রপ্তানি আয় বাড়ানো জরুরি।

বিদেশি বিনিয়োগ আকৃষ্ট করতে বিভিন্ন দেশে রোড শো আয়োজনের পরিকল্পনা করছে সরকার। সম্ভাবনাময় খাতগুলো তুলে ধরে বিনিয়োগকারীদের সঙ্গে বৈঠক করা হবে। প্রযুক্তি, কৃষি প্রক্রিয়াজাতকরণ ও পর্যটন খাতে বিনিয়োগের সুযোগ রয়েছে। বিনিয়োগকারীদের জন্য কর অবকাশ ও অন্যান্য প্রণোদনা দেওয়া হবে। দূতাবাসগুলোকে এ বিষয়ে সক্রিয় ভূমিকা রাখতে বলা হয়েছে। বিনিয়োগ প্রক্রিয়ায় ডিজিটাল সেবা চালু হওয়ায় সময় ও খরচ কমেছে। ব্যবসায়ী সংগঠনগুলো এ উদ্যোগকে স্বাগত জানিয়েছে। অর্থনীতিবিদরা বলছেন, নীতির ধারাবাহিকতা বজায় রাখলে বিনিয়োগ বাড়বে। বৈদেশিক মুদ্রার রিজার্ভ স্থিতিশীল রাখতে রপ্তানি আয় বাড়ানো জরুরি।

ভাষার শক্তি

(প্রথম পৃষ্ঠার পর) ভাষা আন্দোলনের চেতনা আমাদের জাতীয় জীবনের প্রেরণা। মাতৃভাষার মর্যাদা রক্ষায় যারা আত্মত্যাগ করেছেন তাদের স্মরণ করা আমাদের দায়িত্ব। বাংলা ভাষা আজ আন্তর্জাতিক অঙ্গনে স্বীকৃতি পেয়েছে। একুশে ফেব্রুয়ারি এখন আন্তর্জাতিক মাতৃভাষা দিবস হিসেবে পালিত হয়। ভাষার শক্তি জাতিকে ঐক্যবদ্ধ করেছে এবং স্বাধীনতার পথ দেখিয়েছে। সর্বস্তরে বাংলা ভাষার প্রচলন নিশ্চিত করা এখনো একটি চ্যালেঞ্জ। শিক্ষা, প্রশাসন ও আদালতে বাংলার ব্যবহার বাড়াতে হবে। নতুন প্রজন্মকে ভাষার ইতিহাস জানাতে হবে। সাহিত্য, সংস্কৃতি ও গবেষণায় বাংলাকে আরও সমৃদ্ধ করার সুযোগ রয়েছে।

ভাষা আন্দোলনের চেতনা আমাদের জাতীয় জীবনের প্রেরণা। মাতৃভাষার মর্যাদা রক্ষায় যারা আত্মত্যাগ করেছেন তাদের স্মরণ করা আমাদের দায়িত্ব। বাংলা ভাষা আজ আন্তর্জাতিক অঙ্গনে স্বীকৃতি পেয়েছে। একুশে ফেব্রুয়ারি এখন আন্তর্জাতিক মাতৃভাষা দিবস হিসেবে পালিত হয়। ভাষার শক্তি জাতিকে ঐক্যবদ্ধ করেছে এবং স্বাধীনতার পথ দেখিয়েছে। সর্বস্তরে বাংলা ভাষার প্রচলন নিশ্চিত করা এখনো একটি চ্যালেঞ্জ। শিক্ষা, প্রশাসন ও আদালতে বাংলার ব্যবহার বাড়াতে হবে। নতুন প্রজন্মকে ভাষার ইতিহাস জানাতে হবে। সাহিত্য, সংস্কৃতি ও গবেষণায় বাংলাকে আরও সমৃদ্ধ করার সুযোগ রয়েছে।

ভাষা আন্দোলনের চেতনা আমাদের জাতীয় জীবনের প্রেরণা। মাতৃভাষার মর্যাদা রক্ষায় যারা আত্মত্যাগ করেছেন তাদের স্মরণ করা আমাদের দায়িত্ব। বাংলা ভাষা আজ আন্তর্জাতিক অঙ্গনে স্বীকৃতি পেয়েছে। একুশে ফেব্রুয়ারি এখন আন্তর্জাতিক মাতৃভাষা দিবস হিসেবে পালিত হয়। ভাষার শক্তি জাতিকে ঐক্যবদ্ধ করেছে এবং স্বাধীনতার পথ দেখিয়েছে। সর্বস্তরে বাংলা ভাষার প্রচলন নিশ্চিত করা এখনো একটি চ্যালেঞ্জ। শিক্ষা, প্রশাসন ও আদালতে বাংলার ব্যবহার বাড়াতে হবে। নতুন প্রজন্মকে ভাষার ইতিহাস জানাতে হবে। সাহিত্য, সংস্কৃতি ও গবেষণায় বাংলাকে আরও সমৃদ্ধ করার সুযোগ রয়েছে।

লেখক : শামীম আজাদ

এলডিসিতে বাংলাদেশের

(প্রথম পৃষ্ঠার পর) স্বল্পোন্নত দেশ থেকে উত্তরণের পর বাণিজ্য সুবিধা অব্যাহত রাখতে প্রস্তুতি নিচ্ছে সরকার। বিশেষজ্ঞরা বলছেন, রপ্তানি পণ্যের বৈচিত্র্য আনতে হবে। শুল্কমুক্ত সুবিধা হারানোর প্রভাব মোকাবিলায় আলোচনা চলছে। উন্নয়ন সহযোগীদের সঙ্গে নতুন চুক্তির সম্ভাবনা খতিয়ে দেখা হচ্ছে।

স্বল্পোন্নত দেশ থেকে উত্তরণের পর বাণিজ্য সুবিধা অব্যাহত রাখতে প্রস্তুতি নিচ্ছে সরকার। বিশেষজ্ঞরা বলছেন, রপ্তানি পণ্যের বৈচিত্র্য আনতে হবে। শুল্কমুক্ত সুবিধা হারানোর প্রভাব মোকাবিলায় আলোচনা চলছে। উন্নয়ন সহযোগীদের সঙ্গে নতুন চুক্তির সম্ভাবনা খতিয়ে দেখা হচ্ছে।

স্বল্পোন্নত দেশ থেকে উত্তরণের পর বাণিজ্য সুবিধা অব্যাহত রাখতে প্রস্তুতি নিচ্ছে সরকার। বিশেষজ্ঞরা বলছেন, রপ্তানি পণ্যের বৈচিত্র্য আনতে হবে। শুল্কমুক্ত সুবিধা হারানোর প্রভাব মোকাবিলায় আলোচনা চলছে। উন্নয়ন সহযোগীদের সঙ্গে নতুন চুক্তির সম্ভাবনা খতিয়ে দেখা হচ্ছে।

স্বল্পোন্নত দেশ থেকে উত্তরণের পর বাণিজ্য সুবিধা অব্যাহত রাখতে প্রস্তুতি নিচ্ছে সরকার। বিশেষজ্ঞরা বলছেন, রপ্তানি পণ্যের বৈচিত্র্য আনতে হবে। শুল্কমুক্ত সুবিধা হারানোর প্রভাব মোকাবিলায় আলোচনা চলছে। উন্নয়ন সহযোগীদের সঙ্গে নতুন চুক্তির সম্ভাবনা খতিয়ে দেখা হচ্ছে।

স্বল্পোন্নত দেশ থেকে উত্তরণের পর বাণিজ্য সুবিধা অব্যাহত রাখতে প্রস্তুতি নিচ্ছে সরকার। বিশেষজ্ঞরা বলছেন, রপ্তানি পণ্যের বৈচিত্র্য আনতে হবে। শুল্কমুক্ত সুবিধা হারানোর প্রভাব মোকাবিলায় আলোচনা চলছে। উন্নয়ন সহযোগীদের সঙ্গে নতুন চুক্তির সম্ভাবনা খতিয়ে দেখা হচ্ছে।

স্বল্পোন্নত দেশ থেকে উত্তরণের পর বাণিজ্য সুবিধা অব্যাহত রাখতে প্রস্তুতি নিচ্ছে সরকার। বিশেষজ্ঞরা বলছেন, রপ্তানি পণ্যের বৈচিত্র্য আনতে হবে। শুল্কমুক্ত সুবিধা হারানোর প্রভাব মোকাবিলায় আলোচনা চলছে। উন্নয়ন সহযোগীদের সঙ্গে নতুন চুক্তির সম্ভাবনা খতিয়ে দেখা হচ্ছে।

স্বল্পোন্নত দেশ থেকে উত্তরণের পর বাণিজ্য সুবিধা অব্যাহত রাখতে প্রস্তুতি নিচ্ছে সরকার। বিশেষজ্ঞরা বলছেন, রপ্তানি পণ্যের বৈচিত্র্য আনতে হবে। শুল্কমুক্ত সুবিধা হারানোর প্রভাব মোকাবিলায় আলোচনা চলছে। উন্নয়ন সহযোগীদের সঙ্গে নতুন চুক্তির সম্ভাবনা খতিয়ে দেখা হচ্ছে।

Bangladesh
Government of the People's Republic of Bangladesh
Local Government Engineering Department
Office of the Upazila Engineer
Kumarkhali, Kushtia
www.lged.gov.bd
শেখ হাসিনার মূলনীতি গ্রাম শহরের উন্নতি
Memo No- 46.02.5071.000.14.123.21-103	e-Tender Notice	Date: 01.02.2022
e-Tender Notice No- 06/2021-22

e-Tender is invited in the National e-GP System portal (http://www.eprocure.gov.bd) for the procurement of following works, details are given below:

Tender ID No	Package & Name of work	Procurement Method	Last Selling Date & time	Last Time for Tender Security Submission	Closing Date & time
645144	Construction of additional class room Kumarkhali J.N Primary School under Kumarkhali, Kushtia	NOTM	Date: 16.02.2022 Time: 17:00 PM	Date: 17.02.2022 Time: 11.30 AM	Date: 17.02.2022 Time: 12.00 AM

These are online Tenders, where only e-Tender will be accepted in the National e-GP portal and no offline/hard copies will be accepted. To submit e-Tender, registration in the National e-GP System portal (http://www.eprocure.gov.bd) is required. The fees for downloading the e-Tender documents from the National e-GP system portal have to be deposited online through any registered banks. Further information and guidelines are available in the National e-GP System portal and from e-GP help desk (helpdesk@eprocure.gov.bd), also from email ue.kumarkhali@lged.gov.bd or contact to 07025-76614 & Mob. 01708161496 interested persons can communicate with the undersigned during office hours

ঘ 2/1/22
(Md. Abdur Rahim)
Upazila Engineer
LGED, Kumarkhali, Kushtia
e-mail: ue.kumarkhali@lged.gov.bd
জি-২২৬/২২ (৪×৪)
খুলনা শিপইয়ার্ড লিমিটেড
বাংলাদেশ নৌবাহিনী, খুলনা
নিয়োগ বিজ্ঞপ্তি
১০০

১। বাংলাদেশ নৌবাহিনী পরিচালিত খুলনা শিপইয়ার্ড লিমিটেডের জন্য নিম্নে বর্ণিত পদসমূহে চুক্তিভিত্তিক হিসেবে জনবল নিয়োগের লক্ষ্যে উপযুক্ত প্রার্থীদের নিকট হতে দরখাস্ত আহবান করা যাচ্ছে। বিস্তারিত বিবরণ নিম্নে প্রদত্ত হলো:

ক্রমিক	পদের নাম	পদ সংখ্যা	শিক্ষাগত যোগ্যতা ও অভিজ্ঞতা	মাসিক বেতন	বয়স সীমা
১।	সহকারী নৌ স্থপতি	০১ (এক)	ক। কোনো সরকারি বিশ্ববিদ্যালয় হতে নৌযান ও নৌযন্ত্র কৌশল বিষয়ে স্নাতক ডিগ্রি। খ। জাহাজ নির্মাণ শিল্পে ডিজাইন/প্রোডাকশন বিভাগে কাজের অভিজ্ঞতা। গ। AutoCAD, Rhino 3D & 2D ও Maxsurf সফটওয়্যারে দক্ষতা।	টাকা ৩৫,০০০/-	অনূর্ধ্ব ৩৫ বছর
২।	সহকারী প্রকৌশলী	০১ (এক)	কোনো সরকারি পলিটেকনিক ইনস্টিটিউট হতে মেরিন/মেকানিক্যাল বিষয়ে ডিপ্লোমা ইঞ্জিনিয়ারিং ডিগ্রি এবং সংশ্লিষ্ট কাজে অভিজ্ঞতা।	টাকা ২৫,০০০/-	অনূর্ধ্ব ৩০ বছর
৩।	উপ-সহকারী প্রকৌশলী	০১ (এক)	কোনো সরকারি পলিটেকনিক ইনস্টিটিউট হতে ইলেকট্রিক্যাল বিষয়ে ডিপ্লোমা ইঞ্জিনিয়ারিং ডিগ্রি।	টাকা ১৮,০০০/-	অনূর্ধ্ব ৩০ বছর
৪।	জুনিয়র ড্রাফটসম্যান	০১ (এক)	এসএসসি পাস এবং ড্রাফটিং বিষয়ে প্রশিক্ষণপ্রাপ্ত। AutoCAD, Rhino 3D & 2D সফটওয়্যারে দক্ষতা।	টাকা ১৫,০০০/-	অনূর্ধ্ব ৩০ বছর

২। বিশেষ অভিজ্ঞতা সম্পন্ন প্রার্থীর ক্ষেত্রে বয়সসীমা শিথিলযোগ্য। ৩। চুক্তিভিত্তিক প্রার্থীদের চাকরির মেয়াদ সন্তোষজনক কর্মদক্ষতার ভিত্তিতে বৃদ্ধি করা যেতে পারে। ৪। আবেদনপত্রের সাথে শিক্ষাগত যোগ্যতা ও অভিজ্ঞতার সনদপত্রের সত্যায়িত কপি, জাতীয় পরিচয়পত্র এবং সদ্য তোলা পাসপোর্ট সাইজের ছবি সংযুক্ত করতে হবে। ৫। আবেদনপত্র আগামী ২০ ফেব্রুয়ারি ২০২২ তারিখের মধ্যে ব্যবস্থাপনা পরিচালক, খুলনা শিপইয়ার্ড লিমিটেড, খুলনা বরাবর পৌঁছাতে হবে। ৬। কর্তৃপক্ষ কোনো কারণ দর্শানো ব্যতিরেকে যেকোনো আবেদনপত্র গ্রহণ বা বাতিলের ক্ষমতা সংরক্ষণ করেন।

স্বাক্ষর
নাজমুল হাসান
উপব্যবস্থাপক (প্রশাসন)
পক্ষে ব্যবস্থাপনা পরিচালক
জি-২২৮/২২ (৭×৮)
